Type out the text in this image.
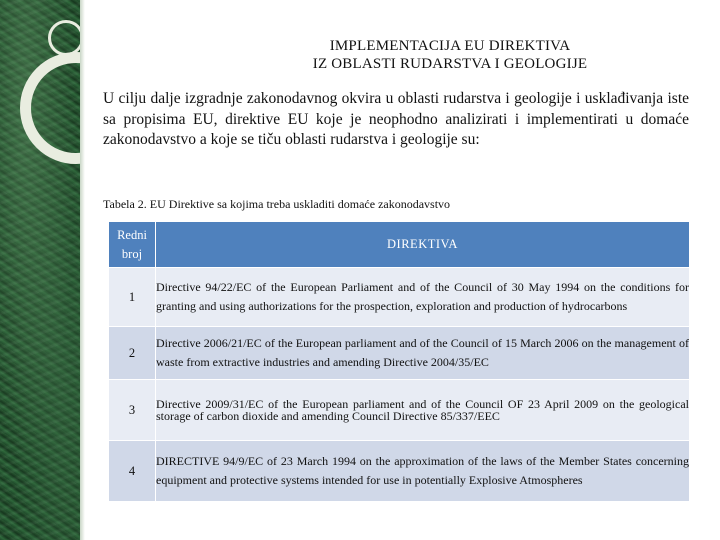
IMPLEMENTACIJA EU DIREKTIVA
IZ OBLASTI RUDARSTVA I GEOLOGIJE
U cilju dalje izgradnje zakonodavnog okvira u oblasti rudarstva i geologije i usklađivanja iste sa propisima EU, direktive EU koje je neophodno analizirati i implementirati u domaće zakonodavstvo a koje se tiču oblasti rudarstva i geologije su:
Tabela 2. EU Direktive sa kojima treba uskladiti domaće zakonodavstvo
Redni
broj	DIREKTIVA
1	Directive 94/22/EC of the European Parliament and of the Council of 30 May 1994 on the conditions for granting and using authorizations for the prospection, exploration and production of hydrocarbons
2	Directive 2006/21/EC of the European parliament and of the Council of 15 March 2006 on the management of waste from extractive industries and amending Directive 2004/35/EC
3	Directive 2009/31/EC of the European parliament and of the Council OF 23 April 2009 on the geological storage of carbon dioxide and amending Council Directive 85/337/EEC
4	DIRECTIVE 94/9/EC of 23 March 1994 on the approximation of the laws of the Member States concerning equipment and protective systems intended for use in potentially Explosive Atmospheres
